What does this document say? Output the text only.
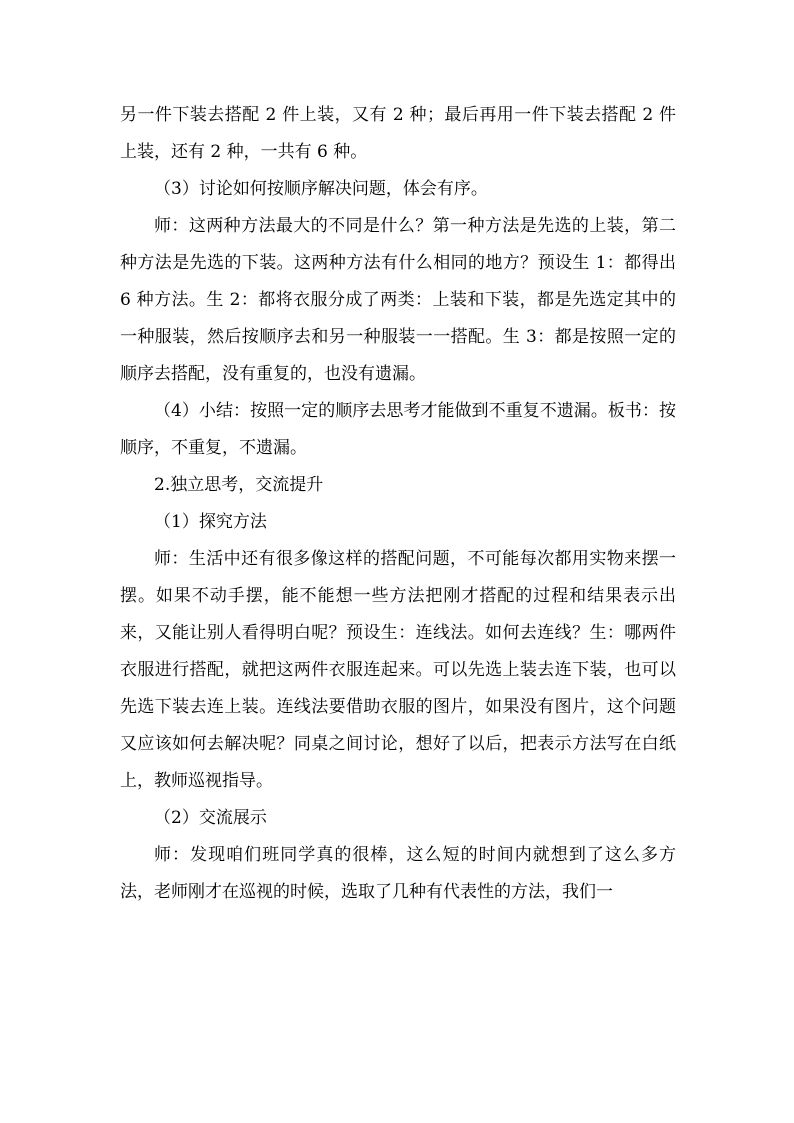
另一件下装去搭配 2 件上装，又有 2 种；最后再用一件下装去搭配 2 件上装，还有 2 种，一共有 6 种。

（3）讨论如何按顺序解决问题，体会有序。

师：这两种方法最大的不同是什么？第一种方法是先选的上装，第二种方法是先选的下装。这两种方法有什么相同的地方？预设生 1：都得出 6 种方法。生 2：都将衣服分成了两类：上装和下装，都是先选定其中的一种服装，然后按顺序去和另一种服装一一搭配。生 3：都是按照一定的顺序去搭配，没有重复的，也没有遗漏。

（4）小结：按照一定的顺序去思考才能做到不重复不遗漏。板书：按顺序，不重复，不遗漏。

2.独立思考，交流提升

（1）探究方法

师：生活中还有很多像这样的搭配问题，不可能每次都用实物来摆一摆。如果不动手摆，能不能想一些方法把刚才搭配的过程和结果表示出来，又能让别人看得明白呢？预设生：连线法。如何去连线？生：哪两件衣服进行搭配，就把这两件衣服连起来。可以先选上装去连下装，也可以先选下装去连上装。连线法要借助衣服的图片，如果没有图片，这个问题又应该如何去解决呢？同桌之间讨论，想好了以后，把表示方法写在白纸上，教师巡视指导。

（2）交流展示

师：发现咱们班同学真的很棒，这么短的时间内就想到了这么多方法，老师刚才在巡视的时候，选取了几种有代表性的方法，我们一
